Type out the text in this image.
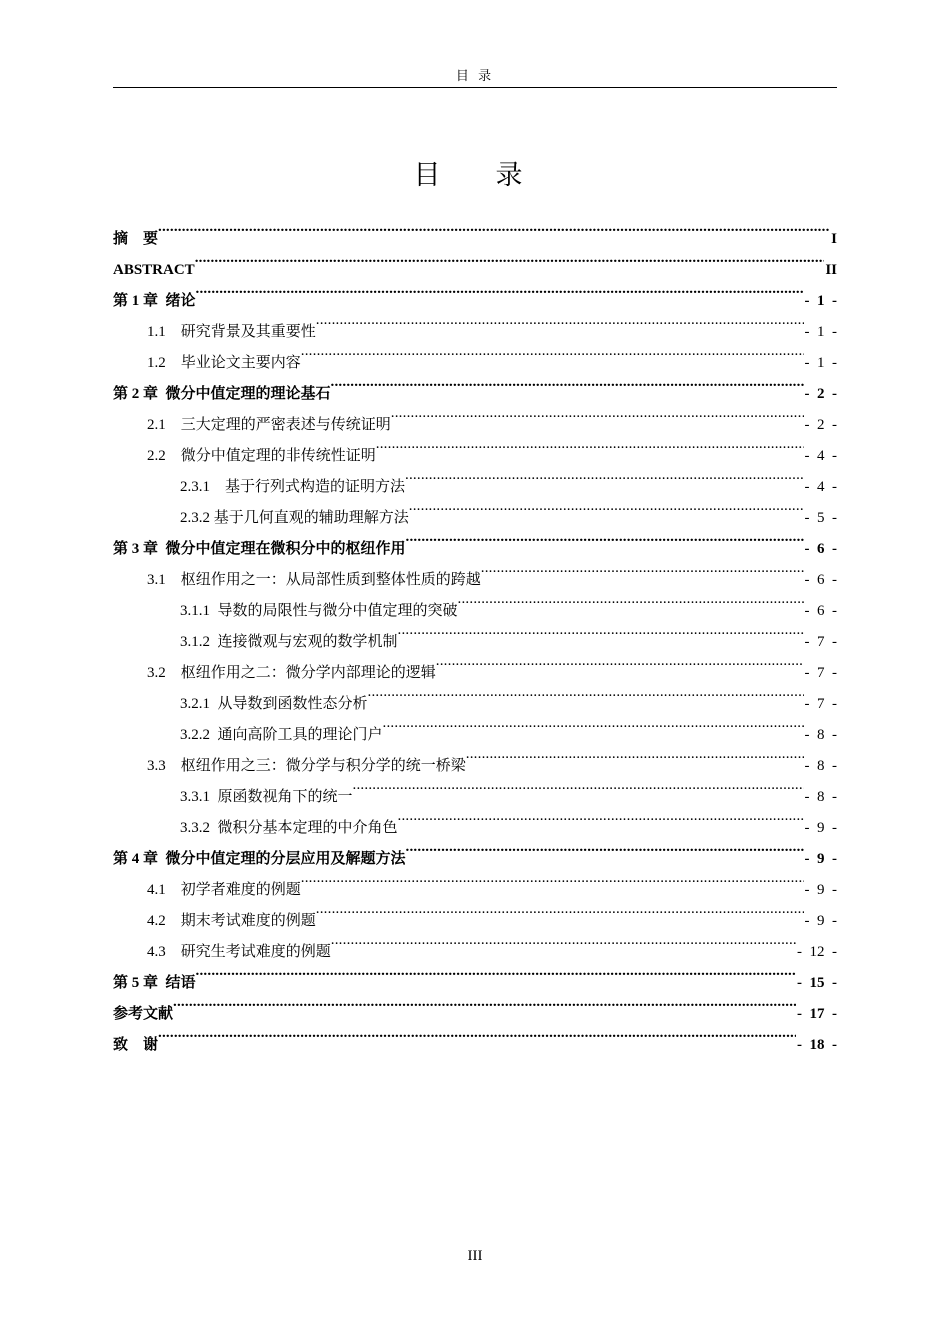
目 录
目　录
摘　要 .....	I
ABSTRACT .....	II
第 1 章  绪论 .....	-  1  -
1.1    研究背景及其重要性 .....	-  1  -
1.2    毕业论文主要内容 .....	-  1  -
第 2 章  微分中值定理的理论基石 .....	-  2  -
2.1    三大定理的严密表述与传统证明 .....	-  2  -
2.2    微分中值定理的非传统性证明 .....	-  4  -
2.3.1    基于行列式构造的证明方法 .....	-  4  -
2.3.2 基于几何直观的辅助理解方法 .....	-  5  -
第 3 章  微分中值定理在微积分中的枢纽作用 .....	-  6  -
3.1    枢纽作用之一：从局部性质到整体性质的跨越 .....	-  6  -
3.1.1  导数的局限性与微分中值定理的突破 .....	-  6  -
3.1.2  连接微观与宏观的数学机制 .....	-  7  -
3.2    枢纽作用之二：微分学内部理论的逻辑 .....	-  7  -
3.2.1  从导数到函数性态分析 .....	-  7  -
3.2.2  通向高阶工具的理论门户 .....	-  8  -
3.3    枢纽作用之三：微分学与积分学的统一桥梁 .....	-  8  -
3.3.1  原函数视角下的统一 .....	-  8  -
3.3.2  微积分基本定理的中介角色 .....	-  9  -
第 4 章  微分中值定理的分层应用及解题方法 .....	-  9  -
4.1    初学者难度的例题 .....	-  9  -
4.2    期末考试难度的例题 .....	-  9  -
4.3    研究生考试难度的例题 .....	-  12  -
第 5 章  结语 .....	-  15  -
参考文献 .....	-  17  -
致　谢 .....	-  18  -
III
